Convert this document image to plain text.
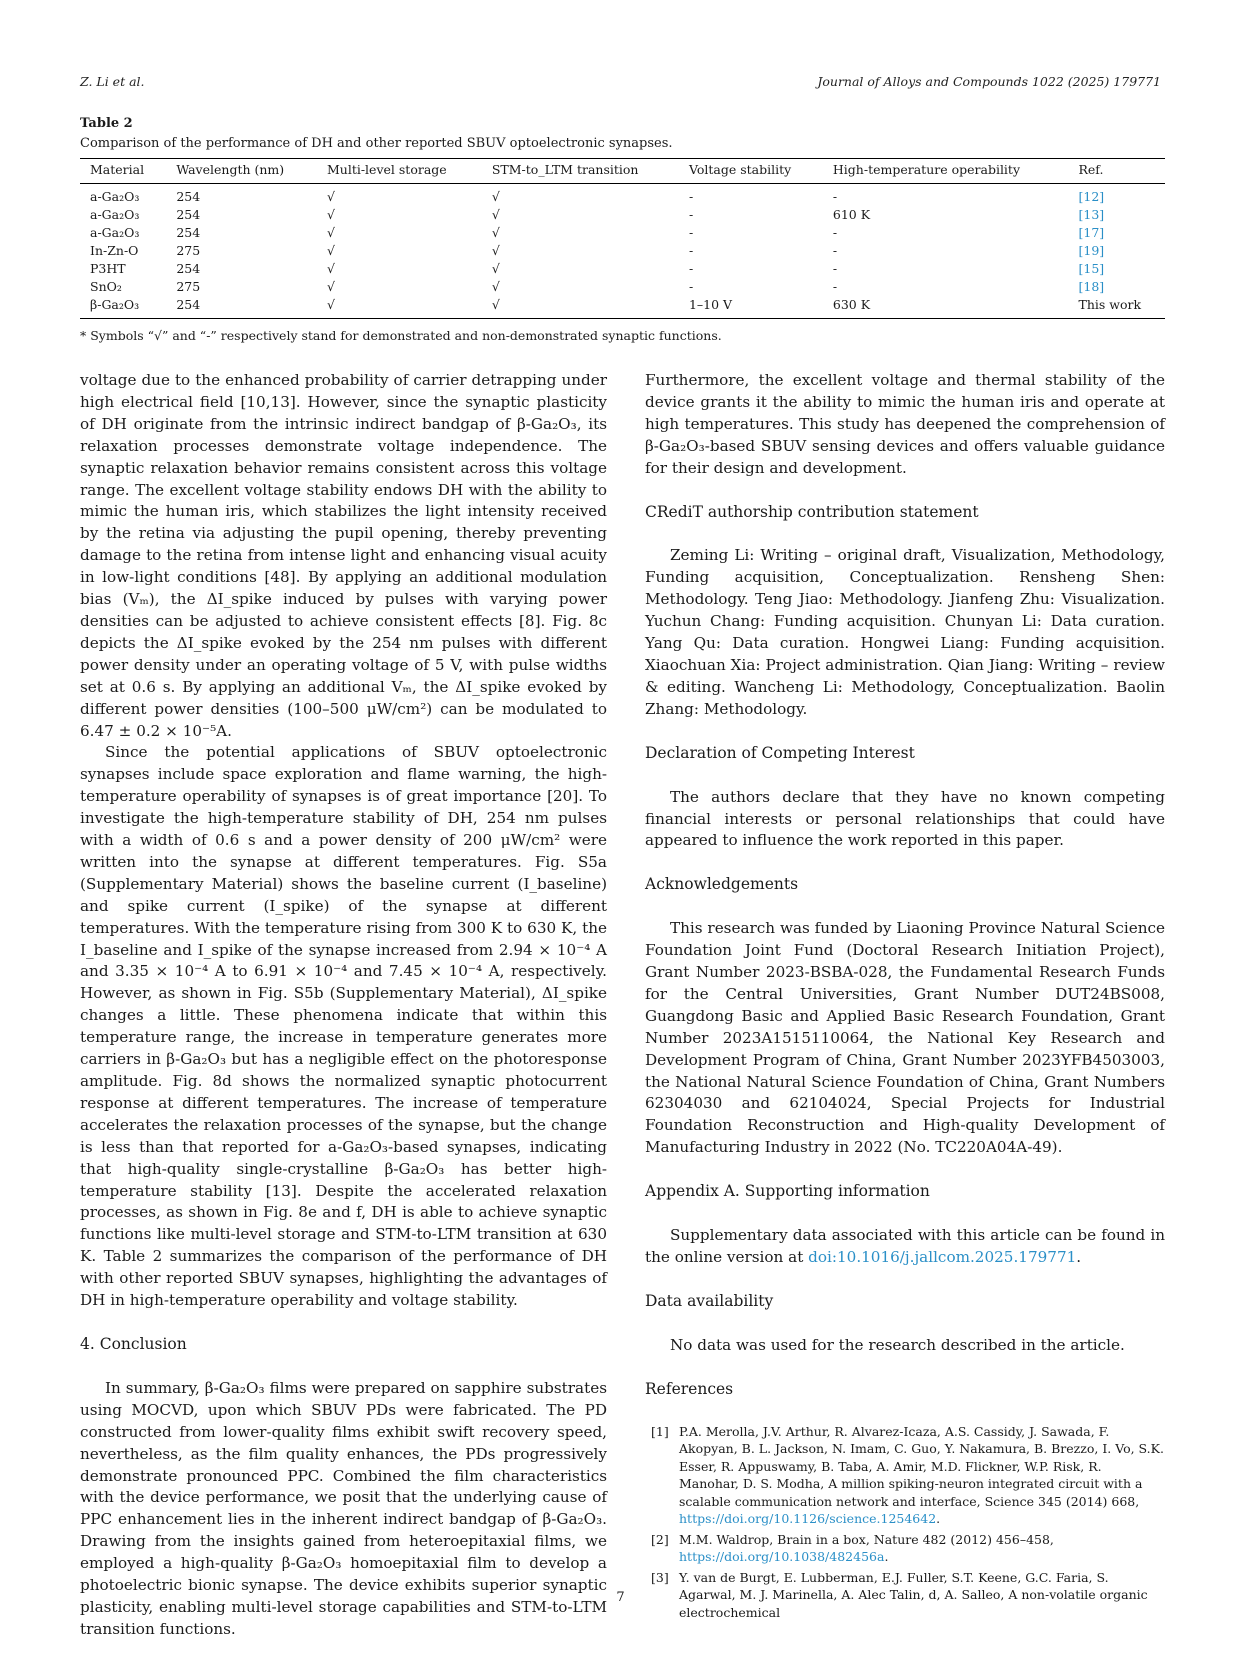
Z. Li et al.	Journal of Alloys and Compounds 1022 (2025) 179771
Table 2
Comparison of the performance of DH and other reported SBUV optoelectronic synapses.
Material	Wavelength (nm)	Multi-level storage	STM-to_LTM transition	Voltage stability	High-temperature operability	Ref.
a-Ga₂O₃	254	√	√	-	-	[12]
a-Ga₂O₃	254	√	√	-	610 K	[13]
a-Ga₂O₃	254	√	√	-	-	[17]
In-Zn-O	275	√	√	-	-	[19]
P3HT	254	√	√	-	-	[15]
SnO₂	275	√	√	-	-	[18]
β-Ga₂O₃	254	√	√	1–10 V	630 K	This work
* Symbols “√” and “-” respectively stand for demonstrated and non-demonstrated synaptic functions.

voltage due to the enhanced probability of carrier detrapping under high electrical field [10,13]. However, since the synaptic plasticity of DH originate from the intrinsic indirect bandgap of β-Ga₂O₃, its relaxation processes demonstrate voltage independence. The synaptic relaxation behavior remains consistent across this voltage range. The excellent voltage stability endows DH with the ability to mimic the human iris, which stabilizes the light intensity received by the retina via adjusting the pupil opening, thereby preventing damage to the retina from intense light and enhancing visual acuity in low-light conditions [48]. By applying an additional modulation bias (Vₘ), the ΔI_spike induced by pulses with varying power densities can be adjusted to achieve consistent effects [8]. Fig. 8c depicts the ΔI_spike evoked by the 254 nm pulses with different power density under an operating voltage of 5 V, with pulse widths set at 0.6 s. By applying an additional Vₘ, the ΔI_spike evoked by different power densities (100–500 μW/cm²) can be modulated to 6.47 ± 0.2 × 10⁻⁵A.

Since the potential applications of SBUV optoelectronic synapses include space exploration and flame warning, the high-temperature operability of synapses is of great importance [20]. To investigate the high-temperature stability of DH, 254 nm pulses with a width of 0.6 s and a power density of 200 μW/cm² were written into the synapse at different temperatures. Fig. S5a (Supplementary Material) shows the baseline current (I_baseline) and spike current (I_spike) of the synapse at different temperatures. With the temperature rising from 300 K to 630 K, the I_baseline and I_spike of the synapse increased from 2.94 × 10⁻⁴ A and 3.35 × 10⁻⁴ A to 6.91 × 10⁻⁴ and 7.45 × 10⁻⁴ A, respectively. However, as shown in Fig. S5b (Supplementary Material), ΔI_spike changes a little. These phenomena indicate that within this temperature range, the increase in temperature generates more carriers in β-Ga₂O₃ but has a negligible effect on the photoresponse amplitude. Fig. 8d shows the normalized synaptic photocurrent response at different temperatures. The increase of temperature accelerates the relaxation processes of the synapse, but the change is less than that reported for a-Ga₂O₃-based synapses, indicating that high-quality single-crystalline β-Ga₂O₃ has better high-temperature stability [13]. Despite the accelerated relaxation processes, as shown in Fig. 8e and f, DH is able to achieve synaptic functions like multi-level storage and STM-to-LTM transition at 630 K. Table 2 summarizes the comparison of the performance of DH with other reported SBUV synapses, highlighting the advantages of DH in high-temperature operability and voltage stability.

4. Conclusion

In summary, β-Ga₂O₃ films were prepared on sapphire substrates using MOCVD, upon which SBUV PDs were fabricated. The PD constructed from lower-quality films exhibit swift recovery speed, nevertheless, as the film quality enhances, the PDs progressively demonstrate pronounced PPC. Combined the film characteristics with the device performance, we posit that the underlying cause of PPC enhancement lies in the inherent indirect bandgap of β-Ga₂O₃. Drawing from the insights gained from heteroepitaxial films, we employed a high-quality β-Ga₂O₃ homoepitaxial film to develop a photoelectric bionic synapse. The device exhibits superior synaptic plasticity, enabling multi-level storage capabilities and STM-to-LTM transition functions.

Furthermore, the excellent voltage and thermal stability of the device grants it the ability to mimic the human iris and operate at high temperatures. This study has deepened the comprehension of β-Ga₂O₃-based SBUV sensing devices and offers valuable guidance for their design and development.

CRediT authorship contribution statement

Zeming Li: Writing – original draft, Visualization, Methodology, Funding acquisition, Conceptualization. Rensheng Shen: Methodology. Teng Jiao: Methodology. Jianfeng Zhu: Visualization. Yuchun Chang: Funding acquisition. Chunyan Li: Data curation. Yang Qu: Data curation. Hongwei Liang: Funding acquisition. Xiaochuan Xia: Project administration. Qian Jiang: Writing – review & editing. Wancheng Li: Methodology, Conceptualization. Baolin Zhang: Methodology.

Declaration of Competing Interest

The authors declare that they have no known competing financial interests or personal relationships that could have appeared to influence the work reported in this paper.

Acknowledgements

This research was funded by Liaoning Province Natural Science Foundation Joint Fund (Doctoral Research Initiation Project), Grant Number 2023-BSBA-028, the Fundamental Research Funds for the Central Universities, Grant Number DUT24BS008, Guangdong Basic and Applied Basic Research Foundation, Grant Number 2023A1515110064, the National Key Research and Development Program of China, Grant Number 2023YFB4503003, the National Natural Science Foundation of China, Grant Numbers 62304030 and 62104024, Special Projects for Industrial Foundation Reconstruction and High-quality Development of Manufacturing Industry in 2022 (No. TC220A04A-49).

Appendix A. Supporting information

Supplementary data associated with this article can be found in the online version at doi:10.1016/j.jallcom.2025.179771.

Data availability

No data was used for the research described in the article.

References
[1] P.A. Merolla, J.V. Arthur, R. Alvarez-Icaza, A.S. Cassidy, J. Sawada, F. Akopyan, B. L. Jackson, N. Imam, C. Guo, Y. Nakamura, B. Brezzo, I. Vo, S.K. Esser, R. Appuswamy, B. Taba, A. Amir, M.D. Flickner, W.P. Risk, R. Manohar, D. S. Modha, A million spiking-neuron integrated circuit with a scalable communication network and interface, Science 345 (2014) 668, https://doi.org/10.1126/science.1254642.
[2] M.M. Waldrop, Brain in a box, Nature 482 (2012) 456–458, https://doi.org/10.1038/482456a.
[3] Y. van de Burgt, E. Lubberman, E.J. Fuller, S.T. Keene, G.C. Faria, S. Agarwal, M. J. Marinella, A. Alec Talin, d, A. Salleo, A non-volatile organic electrochemical
7
